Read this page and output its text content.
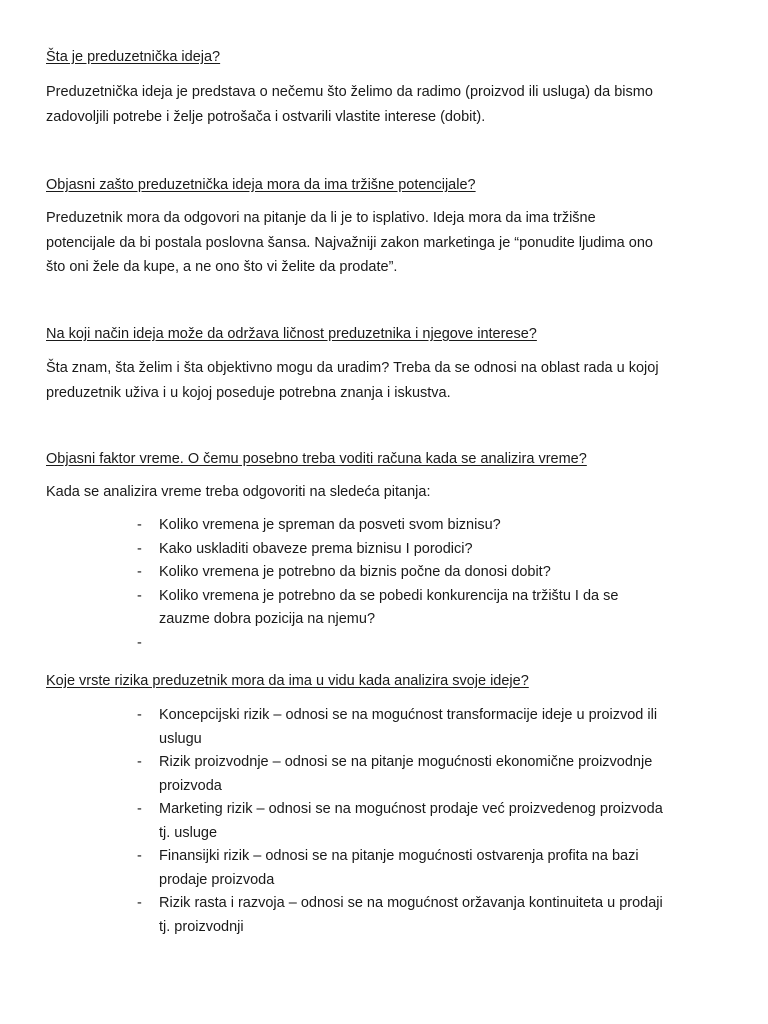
Šta je preduzetnička ideja?

Preduzetnička ideja je predstava o nečemu što želimo da radimo (proizvod ili usluga) da bismo
zadovoljili potrebe i želje potrošača i ostvarili vlastite interese (dobit).

Objasni zašto preduzetnička ideja mora da ima tržišne potencijale?

Preduzetnik mora da odgovori na pitanje da li je to isplativo. Ideja mora da ima tržišne
potencijale da bi postala poslovna šansa. Najvažniji zakon marketinga je “ponudite ljudima ono
što oni žele da kupe, a ne ono što vi želite da prodate”.

Na koji način ideja može da održava ličnost preduzetnika i njegove interese?

Šta znam, šta želim i šta objektivno mogu da uradim? Treba da se odnosi na oblast rada u kojoj
preduzetnik uživa i u kojoj poseduje potrebna znanja i iskustva.

Objasni faktor vreme. O čemu posebno treba voditi računa kada se analizira vreme?

Kada se analizira vreme treba odgovoriti na sledeća pitanja:

- Koliko vremena je spreman da posveti svom biznisu?
- Kako uskladiti obaveze prema biznisu I porodici?
- Koliko vremena je potrebno da biznis počne da donosi dobit?
- Koliko vremena je potrebno da se pobedi konkurencija na tržištu I da se
zauzme dobra pozicija na njemu?
-

Koje vrste rizika preduzetnik mora da ima u vidu kada analizira svoje ideje?
- Koncepcijski rizik – odnosi se na mogućnost transformacije ideje u proizvod ili
uslugu
- Rizik proizvodnje – odnosi se na pitanje mogućnosti ekonomične proizvodnje
proizvoda
- Marketing rizik – odnosi se na mogućnost prodaje već proizvedenog proizvoda
tj. usluge
- Finansijki rizik – odnosi se na pitanje mogućnosti ostvarenja profita na bazi
prodaje proizvoda
- Rizik rasta i razvoja – odnosi se na mogućnost oržavanja kontinuiteta u prodaji
tj. proizvodnji
